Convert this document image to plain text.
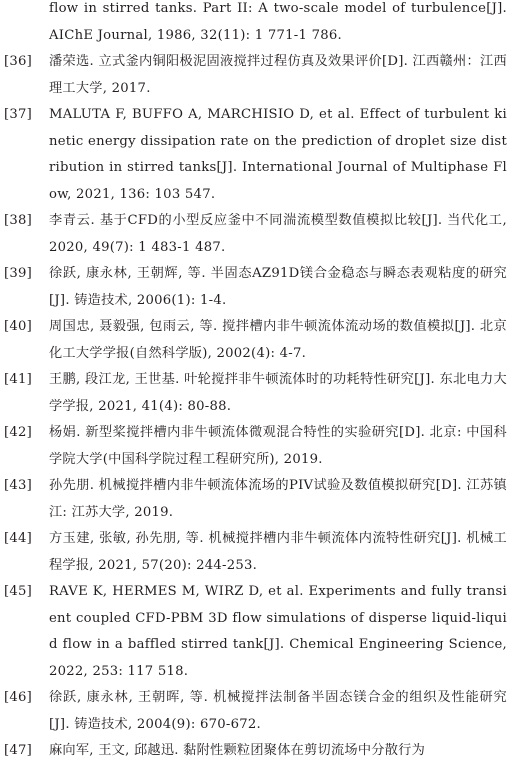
flow in stirred tanks. Part II: A two-scale model of turbulence[J]. AIChE Journal, 1986, 32(11): 1 771-1 786.
[36] 潘荣选. 立式釜内铜阳极泥固液搅拌过程仿真及效果评价[D]. 江西赣州：江西理工大学, 2017.
[37] MALUTA F, BUFFO A, MARCHISIO D, et al. Effect of turbulent kinetic energy dissipation rate on the prediction of droplet size distribution in stirred tanks[J]. International Journal of Multiphase Flow, 2021, 136: 103 547.
[38] 李青云. 基于CFD的小型反应釜中不同湍流模型数值模拟比较[J]. 当代化工, 2020, 49(7): 1 483-1 487.
[39] 徐跃, 康永林, 王朝辉, 等. 半固态AZ91D镁合金稳态与瞬态表观粘度的研究[J]. 铸造技术, 2006(1): 1-4.
[40] 周国忠, 聂毅强, 包雨云, 等. 搅拌槽内非牛顿流体流动场的数值模拟[J]. 北京化工大学学报(自然科学版), 2002(4): 4-7.
[41] 王鹏, 段江龙, 王世基. 叶轮搅拌非牛顿流体时的功耗特性研究[J]. 东北电力大学学报, 2021, 41(4): 80-88.
[42] 杨娟. 新型桨搅拌槽内非牛顿流体微观混合特性的实验研究[D]. 北京: 中国科学院大学(中国科学院过程工程研究所), 2019.
[43] 孙先朋. 机械搅拌槽内非牛顿流体流场的PIV试验及数值模拟研究[D]. 江苏镇江: 江苏大学, 2019.
[44] 方玉建, 张敏, 孙先朋, 等. 机械搅拌槽内非牛顿流体内流特性研究[J]. 机械工程学报, 2021, 57(20): 244-253.
[45] RAVE K, HERMES M, WIRZ D, et al. Experiments and fully transient coupled CFD-PBM 3D flow simulations of disperse liquid-liquid flow in a baffled stirred tank[J]. Chemical Engineering Science, 2022, 253: 117 518.
[46] 徐跃, 康永林, 王朝晖, 等. 机械搅拌法制备半固态镁合金的组织及性能研究[J]. 铸造技术, 2004(9): 670-672.
[47] 麻向军, 王文, 邱越迅. 黏附性颗粒团聚体在剪切流场中分散行为
